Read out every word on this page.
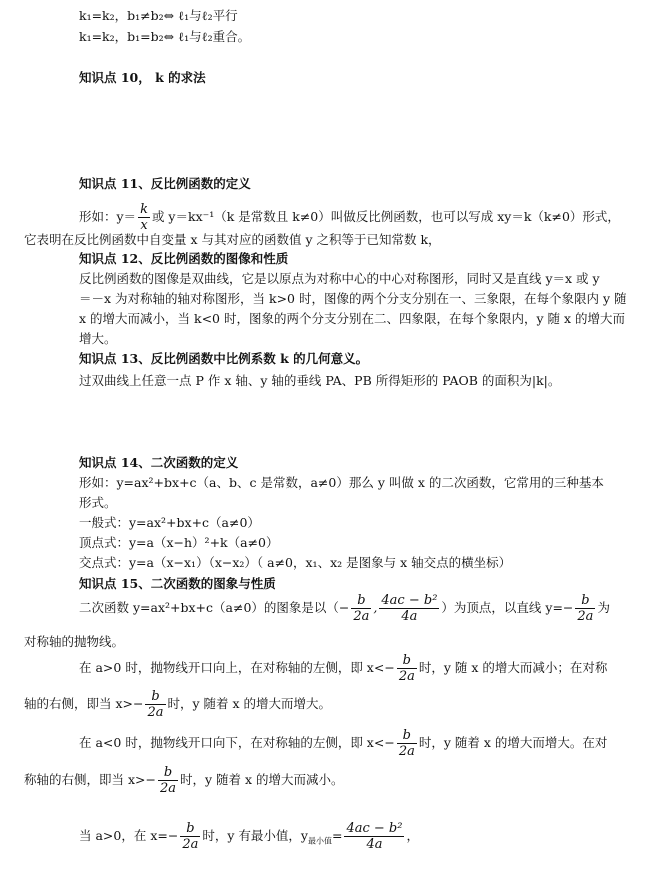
k₁=k₂，b₁≠b₂⇔ ℓ₁与ℓ₂平行
k₁=k₂，b₁=b₂⇔ ℓ₁与ℓ₂重合。
知识点 10， k 的求法
知识点 11、反比例函数的定义
形如：$y= \frac{k}{x}$ 或 y＝kx⁻¹（k 是常数且 k≠0）叫做反比例函数，也可以写成 xy＝k（k≠0）形式，
它表明在反比例函数中自变量 x 与其对应的函数值 y 之积等于已知常数 k，
知识点 12、反比例函数的图像和性质
反比例函数的图像是双曲线，它是以原点为对称中心的中心对称图形，同时又是直线 y＝x 或 y
＝－x 为对称轴的轴对称图形，当 k>0 时，图像的两个分支分别在一、三象限，在每个象限内 y 随
x 的增大而减小，当 k<0 时，图象的两个分支分别在二、四象限，在每个象限内，y 随 x 的增大而
增大。
知识点 13、反比例函数中比例系数 k 的几何意义。
过双曲线上任意一点 P 作 x 轴、y 轴的垂线 PA、PB 所得矩形的 PAOB 的面积为|k|。
知识点 14、二次函数的定义
形如：y=ax²+bx+c（a、b、c 是常数，a≠0）那么 y 叫做 x 的二次函数，它常用的三种基本
形式。
一般式：y=ax²+bx+c（a≠0）
顶点式：y=a（x−h）²+k（a≠0）
交点式：y=a（x−x₁）（x−x₂）（ a≠0，x₁、x₂ 是图象与 x 轴交点的横坐标）
知识点 15、二次函数的图象与性质
二次函数 y=ax²+bx+c（a≠0）的图象是以（− $\frac{b}{2a}$ , $\frac{\text{4ac − b²}}{4a}$ ）为顶点，以直线 $y=- \frac{b}{2a}$ 为
对称轴的抛物线。
在 a>0 时，抛物线开口向上，在对称轴的左侧，即 $x<- \frac{b}{2a}$ 时，y 随 x 的增大而减小；在对称
轴的右侧，即当 $x>- \frac{b}{2a}$ 时，y 随着 x 的增大而增大。
在 a<0 时，抛物线开口向下，在对称轴的左侧，即 $x<- \frac{b}{2a}$ 时，y 随着 x 的增大而增大。在对
称轴的右侧，即当 $x>- \frac{b}{2a}$ 时，y 随着 x 的增大而减小。
当 a>0，在 $x=- \frac{b}{2a}$ 时，y 有最小值，$y_{最小值}= \frac{\text{4ac − b²}}{4a}$ ，
